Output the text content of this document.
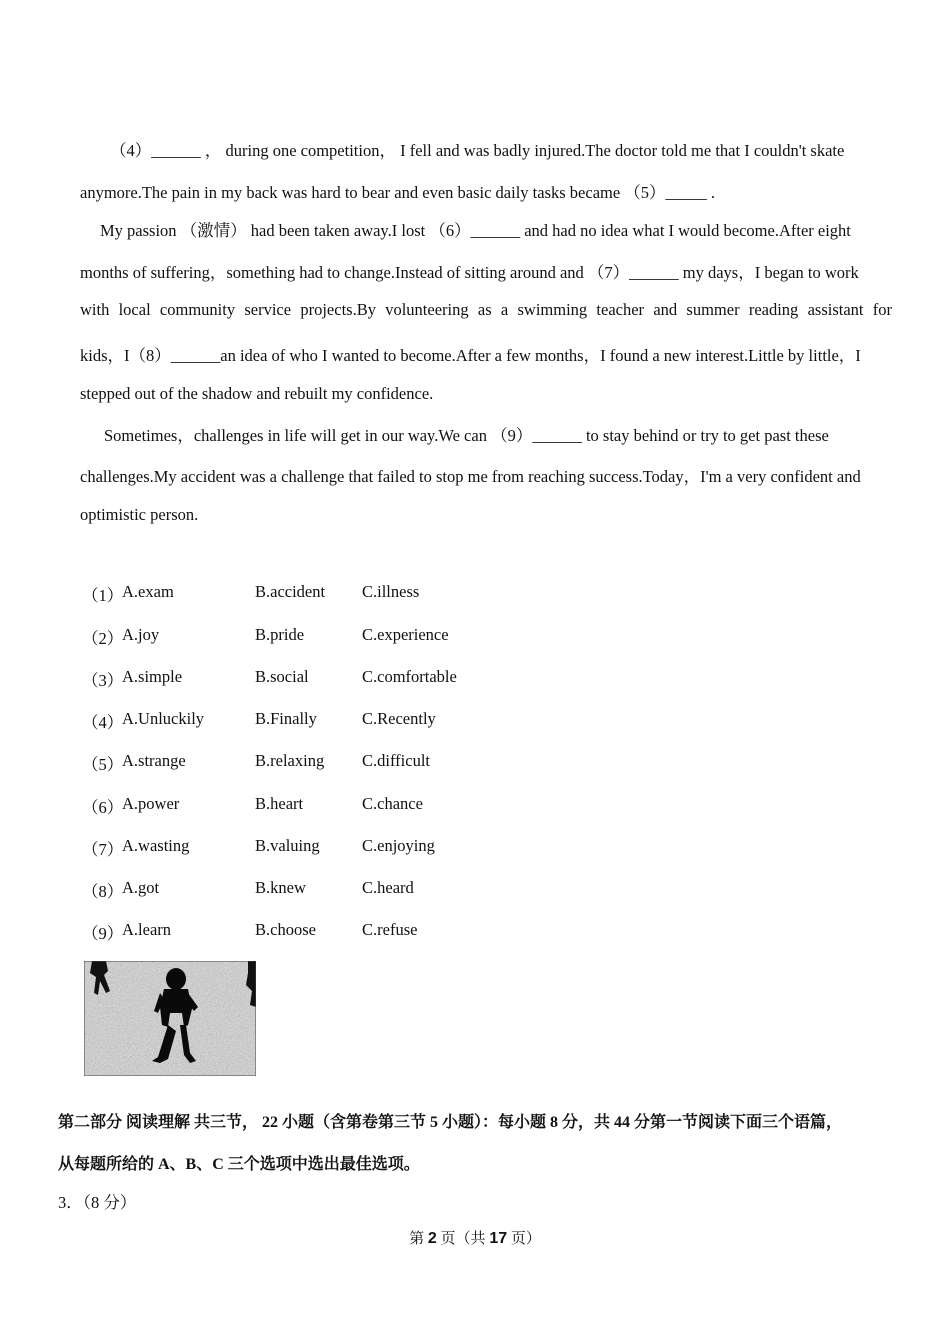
（4）______ ， during one competition， I fell and was badly injured.The doctor told me that I couldn't skate
anymore.The pain in my back was hard to bear and even basic daily tasks became （5）_____ .
My passion （激情） had been taken away.I lost （6）______ and had no idea what I would become.After eight
months of suffering，something had to change.Instead of sitting around and （7）______ my days，I began to work
with local community service projects.By volunteering as a swimming teacher and summer reading assistant for
kids，I（8）______an idea of who I wanted to become.After a few months，I found a new interest.Little by little，I
stepped out of the shadow and rebuilt my confidence.
Sometimes，challenges in life will get in our way.We can （9）______ to stay behind or try to get past these
challenges.My accident was a challenge that failed to stop me from reaching success.Today，I'm a very confident and
optimistic person.
（1）
A.exam	B.accident C.illness
（2）
A.joy	B.pride	C.experience
（3）
A.simple	B.social	C.comfortable
（4）
A.Unluckily	B.Finally	C.Recently
（5）
A.strange	B.relaxing C.difficult
（6）
A.power	B.heart	C.chance
（7）
A.wasting	B.valuing	C.enjoying
（8）
A.got	B.knew	C.heard
（9）
A.learn	B.choose	C.refuse
第二部分 阅读理解 共三节， 22 小题（含第卷第三节 5 小题）：每小题 8 分，共 44 分第一节阅读下面三个语篇，
从每题所给的 A、B、C 三个选项中选出最佳选项。
3．（8 分）
第 2 页（共 17 页）
